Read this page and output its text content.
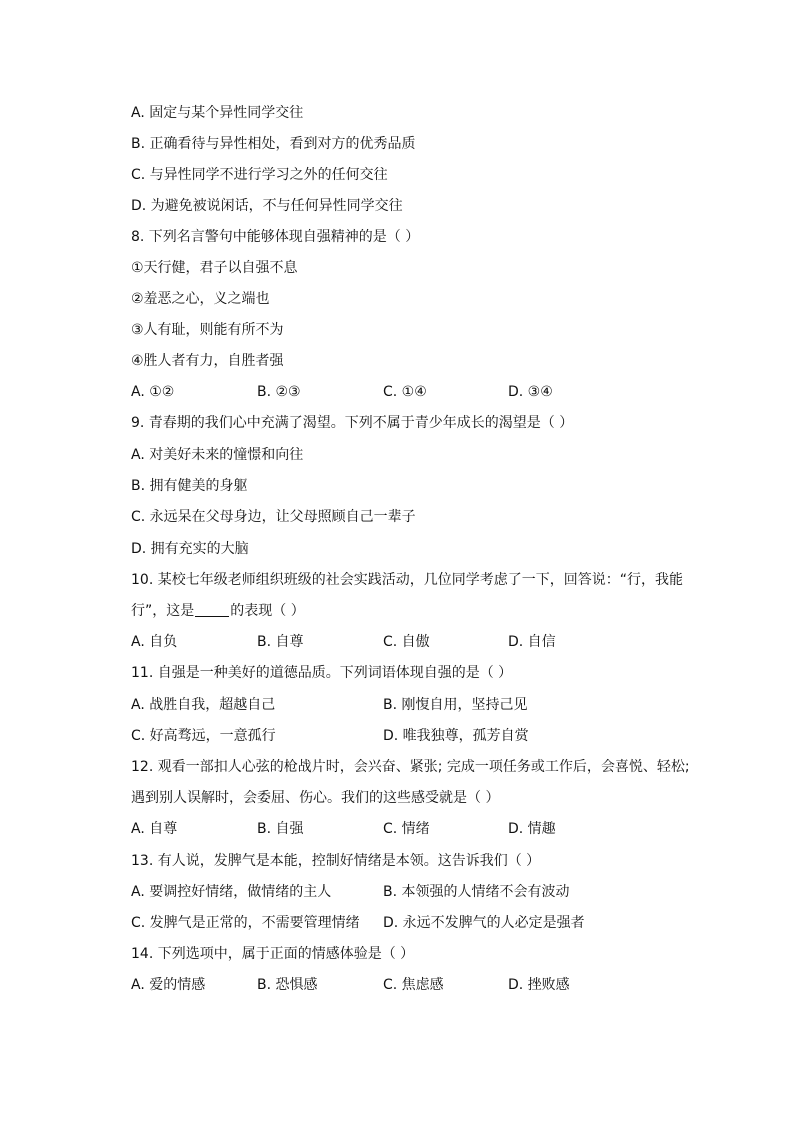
A. 固定与某个异性同学交往
B. 正确看待与异性相处，看到对方的优秀品质
C. 与异性同学不进行学习之外的任何交往
D. 为避免被说闲话，不与任何异性同学交往
8. 下列名言警句中能够体现自强精神的是（ ）
①天行健，君子以自强不息
②羞恶之心，义之端也
③人有耻，则能有所不为
④胜人者有力，自胜者强
A. ①②	B. ②③	C. ①④	D. ③④
9. 青春期的我们心中充满了渴望。下列不属于青少年成长的渴望是（ ）
A. 对美好未来的憧憬和向往
B. 拥有健美的身躯
C. 永远呆在父母身边，让父母照顾自己一辈子
D. 拥有充实的大脑
10. 某校七年级老师组织班级的社会实践活动，几位同学考虑了一下，回答说：“行，我能
行”，这是	的表现（ ）
A. 自负	B. 自尊	C. 自傲	D. 自信
11. 自强是一种美好的道德品质。下列词语体现自强的是（ ）
A. 战胜自我，超越自己	B. 刚愎自用，坚持己见
C. 好高骛远，一意孤行	D. 唯我独尊，孤芳自赏
12. 观看一部扣人心弦的枪战片时，会兴奋、紧张; 完成一项任务或工作后，会喜悦、轻松;
遇到别人误解时，会委屈、伤心。我们的这些感受就是（ ）
A. 自尊	B. 自强	C. 情绪	D. 情趣
13. 有人说，发脾气是本能，控制好情绪是本领。这告诉我们（ ）
A. 要调控好情绪，做情绪的主人	B. 本领强的人情绪不会有波动
C. 发脾气是正常的，不需要管理情绪 D. 永远不发脾气的人必定是强者
14. 下列选项中，属于正面的情感体验是（ ）
A. 爱的情感	B. 恐惧感	C. 焦虑感	D. 挫败感
